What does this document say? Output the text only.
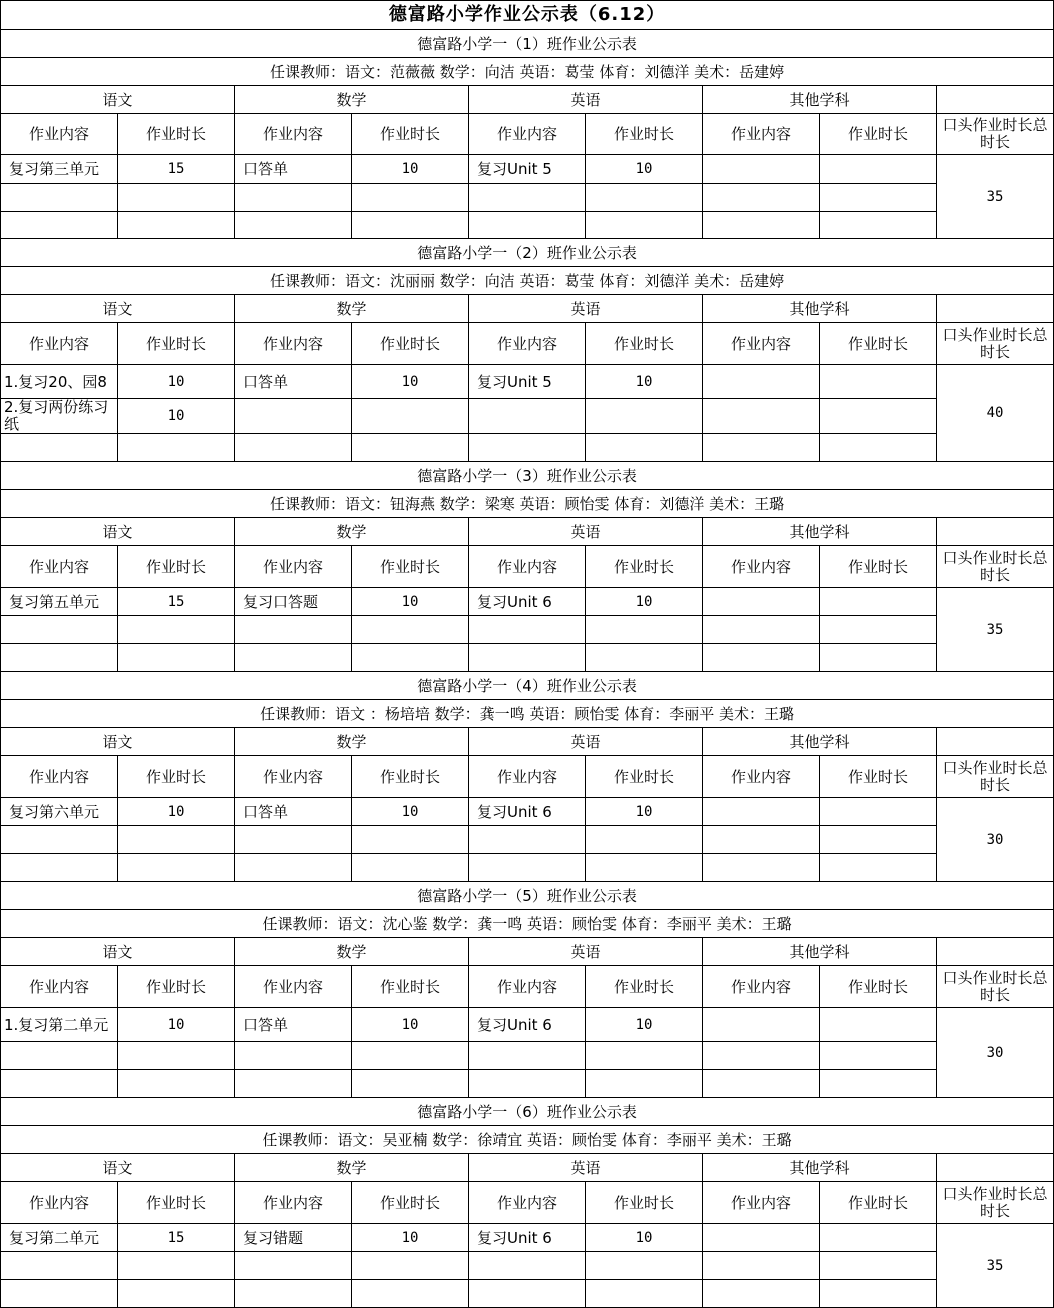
德富路小学作业公示表（6.12）								
德富路小学一（1）班作业公示表								
任课教师：语文：范薇薇 数学：向洁 英语：葛莹 体育：刘德洋 美术：岳建婷								
语文		数学		英语		其他学科		
作业内容	作业时长	作业内容	作业时长	作业内容	作业时长	作业内容	作业时长	口头作业时长总时长
复习第三单元	15	口答单	10	复习Unit 5	10			35

德富路小学一（2）班作业公示表								
任课教师：语文：沈丽丽 数学：向洁 英语：葛莹 体育：刘德洋 美术：岳建婷								
语文		数学		英语		其他学科		
作业内容	作业时长	作业内容	作业时长	作业内容	作业时长	作业内容	作业时长	口头作业时长总时长
1.复习20、园8	10	口答单	10	复习Unit 5	10			40
2.复习两份练习纸	10							

德富路小学一（3）班作业公示表								
任课教师：语文：钮海燕 数学：梁寒 英语：顾怡雯 体育：刘德洋 美术：王璐								
语文		数学		英语		其他学科		
作业内容	作业时长	作业内容	作业时长	作业内容	作业时长	作业内容	作业时长	口头作业时长总时长
复习第五单元	15	复习口答题	10	复习Unit 6	10			35

德富路小学一（4）班作业公示表								
任课教师：语文 ：杨培培 数学：龚一鸣 英语：顾怡雯 体育：李丽平 美术：王璐								
语文		数学		英语		其他学科		
作业内容	作业时长	作业内容	作业时长	作业内容	作业时长	作业内容	作业时长	口头作业时长总时长
复习第六单元	10	口答单	10	复习Unit 6	10			30

德富路小学一（5）班作业公示表								
任课教师：语文：沈心鉴 数学：龚一鸣 英语：顾怡雯 体育：李丽平 美术：王璐								
语文		数学		英语		其他学科		
作业内容	作业时长	作业内容	作业时长	作业内容	作业时长	作业内容	作业时长	口头作业时长总时长
1.复习第二单元	10	口答单	10	复习Unit 6	10			30

德富路小学一（6）班作业公示表								
任课教师：语文：吴亚楠 数学：徐靖宜 英语：顾怡雯 体育：李丽平 美术：王璐								
语文		数学		英语		其他学科		
作业内容	作业时长	作业内容	作业时长	作业内容	作业时长	作业内容	作业时长	口头作业时长总时长
复习第二单元	15	复习错题	10	复习Unit 6	10			35
